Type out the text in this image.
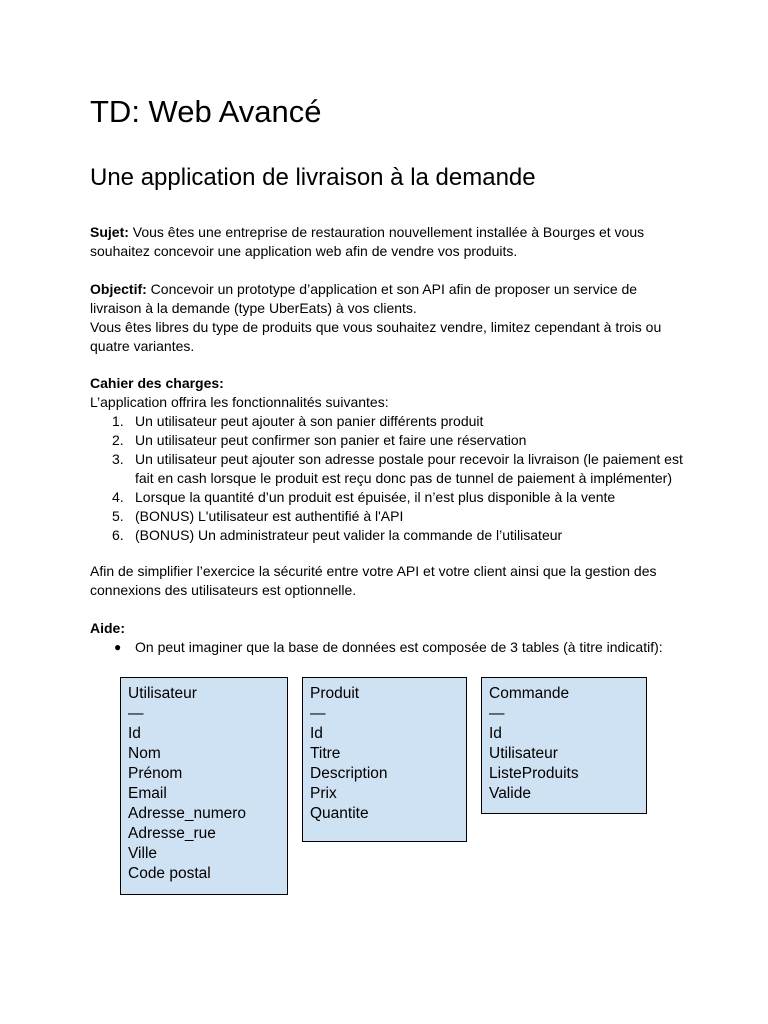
TD: Web Avancé
Une application de livraison à la demande

Sujet: Vous êtes une entreprise de restauration nouvellement installée à Bourges et vous souhaitez concevoir une application web afin de vendre vos produits.

Objectif: Concevoir un prototype d’application et son API afin de proposer un service de livraison à la demande (type UberEats) à vos clients.

Vous êtes libres du type de produits que vous souhaitez vendre, limitez cependant à trois ou quatre variantes.

Cahier des charges:

L’application offrira les fonctionnalités suivantes:

1. Un utilisateur peut ajouter à son panier différents produit
2. Un utilisateur peut confirmer son panier et faire une réservation
3. Un utilisateur peut ajouter son adresse postale pour recevoir la livraison (le paiement est
fait en cash lorsque le produit est reçu donc pas de tunnel de paiement à implémenter)
4. Lorsque la quantité d’un produit est épuisée, il n’est plus disponible à la vente
5. (BONUS) L'utilisateur est authentifié à l'API
6. (BONUS) Un administrateur peut valider la commande de l’utilisateur

Afin de simplifier l’exercice la sécurité entre votre API et votre client ainsi que la gestion des

connexions des utilisateurs est optionnelle.

Aide:

● On peut imaginer que la base de données est composée de 3 tables (à titre indicatif):
Utilisateur
—
Id
Nom
Prénom
Email
Adresse_numero
Adresse_rue
Ville
Code postal
Produit
—
Id
Titre
Description
Prix
Quantite
Commande
—
Id
Utilisateur
ListeProduits
Valide
